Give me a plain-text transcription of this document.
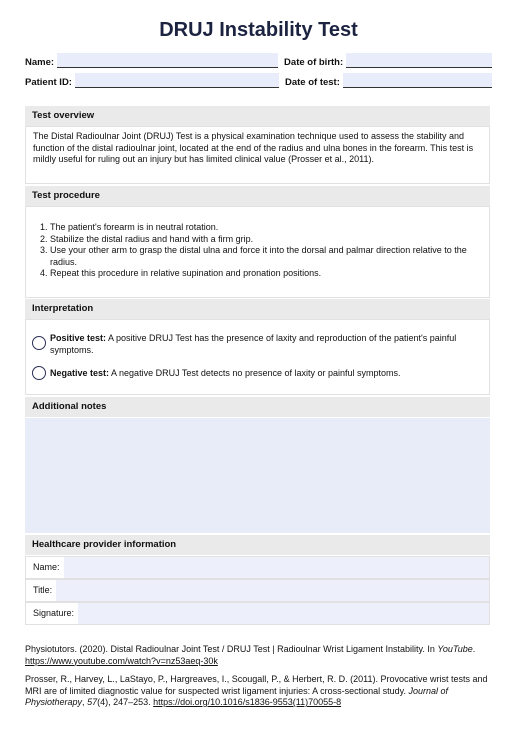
DRUJ Instability Test
Name:	Date of birth:
Patient ID:	Date of test:
Test overview
The Distal Radioulnar Joint (DRUJ) Test is a physical examination technique used to assess the stability and function of the distal radioulnar joint, located at the end of the radius and ulna bones in the forearm. This test is mildly useful for ruling out an injury but has limited clinical value (Prosser et al., 2011).
Test procedure
1. The patient's forearm is in neutral rotation.
2. Stabilize the distal radius and hand with a firm grip.
3. Use your other arm to grasp the distal ulna and force it into the dorsal and palmar direction relative to the radius.
4. Repeat this procedure in relative supination and pronation positions.
Interpretation
Positive test: A positive DRUJ Test has the presence of laxity and reproduction of the patient's painful symptoms.
Negative test: A negative DRUJ Test detects no presence of laxity or painful symptoms.
Additional notes
Healthcare provider information
Name:
Title:
Signature:
Physiotutors. (2020). Distal Radioulnar Joint Test / DRUJ Test | Radioulnar Wrist Ligament Instability. In YouTube. https://www.youtube.com/watch?v=nz53aeq-30k
Prosser, R., Harvey, L., LaStayo, P., Hargreaves, I., Scougall, P., & Herbert, R. D. (2011). Provocative wrist tests and MRI are of limited diagnostic value for suspected wrist ligament injuries: A cross-sectional study. Journal of Physiotherapy, 57(4), 247–253. https://doi.org/10.1016/s1836-9553(11)70055-8
